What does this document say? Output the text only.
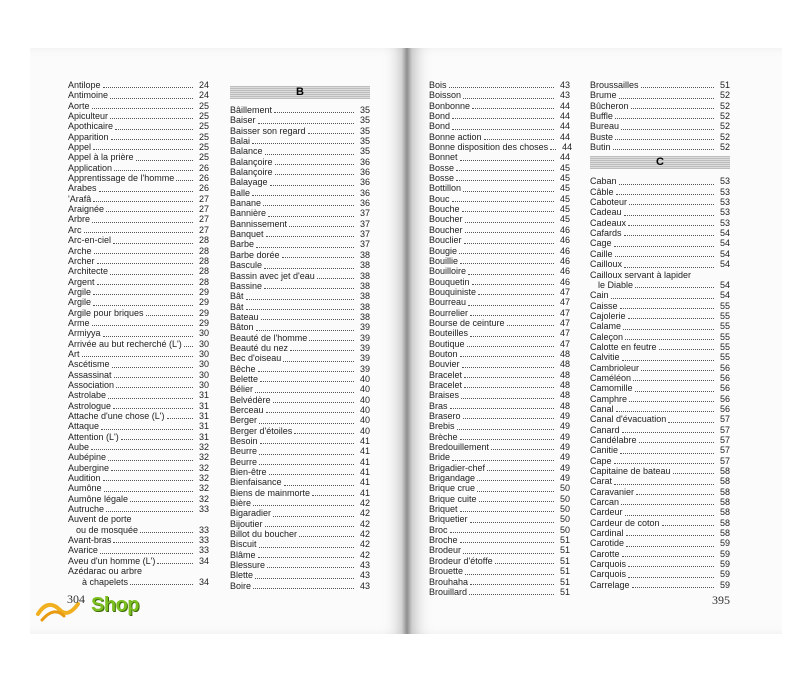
Antilope	24
Antimoine	24
Aorte	25
Apiculteur	25
Apothicaire	25
Apparition	25
Appel	25
Appel à la prière	25
Application	26
Apprentissage de l'homme	26
Arabes	26
'Arafâ	27
Araignée	27
Arbre	27
Arc	27
Arc-en-ciel	28
Arche	28
Archer	28
Architecte	28
Argent	28
Argile	29
Argile	29
Argile pour briques	29
Arme	29
Armiyya	30
Arrivée au but recherché (L')	30
Art	30
Ascétisme	30
Assassinat	30
Association	30
Astrolabe	31
Astrologue	31
Attache d'une chose (L')	31
Attaque	31
Attention (L')	31
Aube	32
Aubépine	32
Aubergine	32
Audition	32
Aumône	32
Aumône légale	32
Autruche	33
Auvent de porte
ou de mosquée	33
Avant-bras	33
Avarice	33
Aveu d'un homme (L')	34
Azédarac ou arbre
à chapelets	34
B
Bâillement	35
Baiser	35
Baisser son regard	35
Balai	35
Balance	35
Balançoire	36
Balançoire	36
Balayage	36
Balle	36
Banane	36
Bannière	37
Bannissement	37
Banquet	37
Barbe	37
Barbe dorée	38
Bascule	38
Bassin avec jet d'eau	38
Bassine	38
Bât	38
Bât	38
Bateau	38
Bâton	39
Beauté de l'homme	39
Beauté du nez	39
Bec d'oiseau	39
Bêche	39
Belette	40
Bélier	40
Belvédère	40
Berceau	40
Berger	40
Berger d'étoiles	40
Besoin	41
Beurre	41
Beurre	41
Bien-être	41
Bienfaisance	41
Biens de mainmorte	41
Bière	42
Bigaradier	42
Bijoutier	42
Billot du boucher	42
Biscuit	42
Blâme	42
Blessure	43
Blette	43
Boire	43
Bois	43
Boisson	43
Bonbonne	44
Bond	44
Bond	44
Bonne action	44
Bonne disposition des choses	44
Bonnet	44
Bosse	45
Bosse	45
Bottillon	45
Bouc	45
Bouche	45
Boucher	45
Boucher	46
Bouclier	46
Bougie	46
Bouillie	46
Bouilloire	46
Bouquetin	46
Bouquiniste	47
Bourreau	47
Bourrelier	47
Bourse de ceinture	47
Bouteilles	47
Boutique	47
Bouton	48
Bouvier	48
Bracelet	48
Bracelet	48
Braises	48
Bras	48
Brasero	49
Brebis	49
Brèche	49
Bredouillement	49
Bride	49
Brigadier-chef	49
Brigandage	49
Brique crue	50
Brique cuite	50
Briquet	50
Briquetier	50
Broc	50
Broche	51
Brodeur	51
Brodeur d'étoffe	51
Brouette	51
Brouhaha	51
Brouillard	51
Broussailles	51
Brume	52
Bûcheron	52
Buffle	52
Bureau	52
Buste	52
Butin	52
C
Caban	53
Câble	53
Caboteur	53
Cadeau	53
Cadeaux	53
Cafards	54
Cage	54
Caille	54
Cailloux	54
Cailloux servant à lapider
le Diable	54
Cain	54
Caisse	55
Cajolerie	55
Calame	55
Caleçon	55
Calotte en feutre	55
Calvitie	55
Cambrioleur	56
Caméléon	56
Camomille	56
Camphre	56
Canal	56
Canal d'évacuation	57
Canard	57
Candélabre	57
Canitie	57
Cape	57
Capitaine de bateau	58
Carat	58
Caravanier	58
Carcan	58
Cardeur	58
Cardeur de coton	58
Cardinal	58
Carotide	59
Carotte	59
Carquois	59
Carquois	59
Carrelage	59
Shop
304	395
